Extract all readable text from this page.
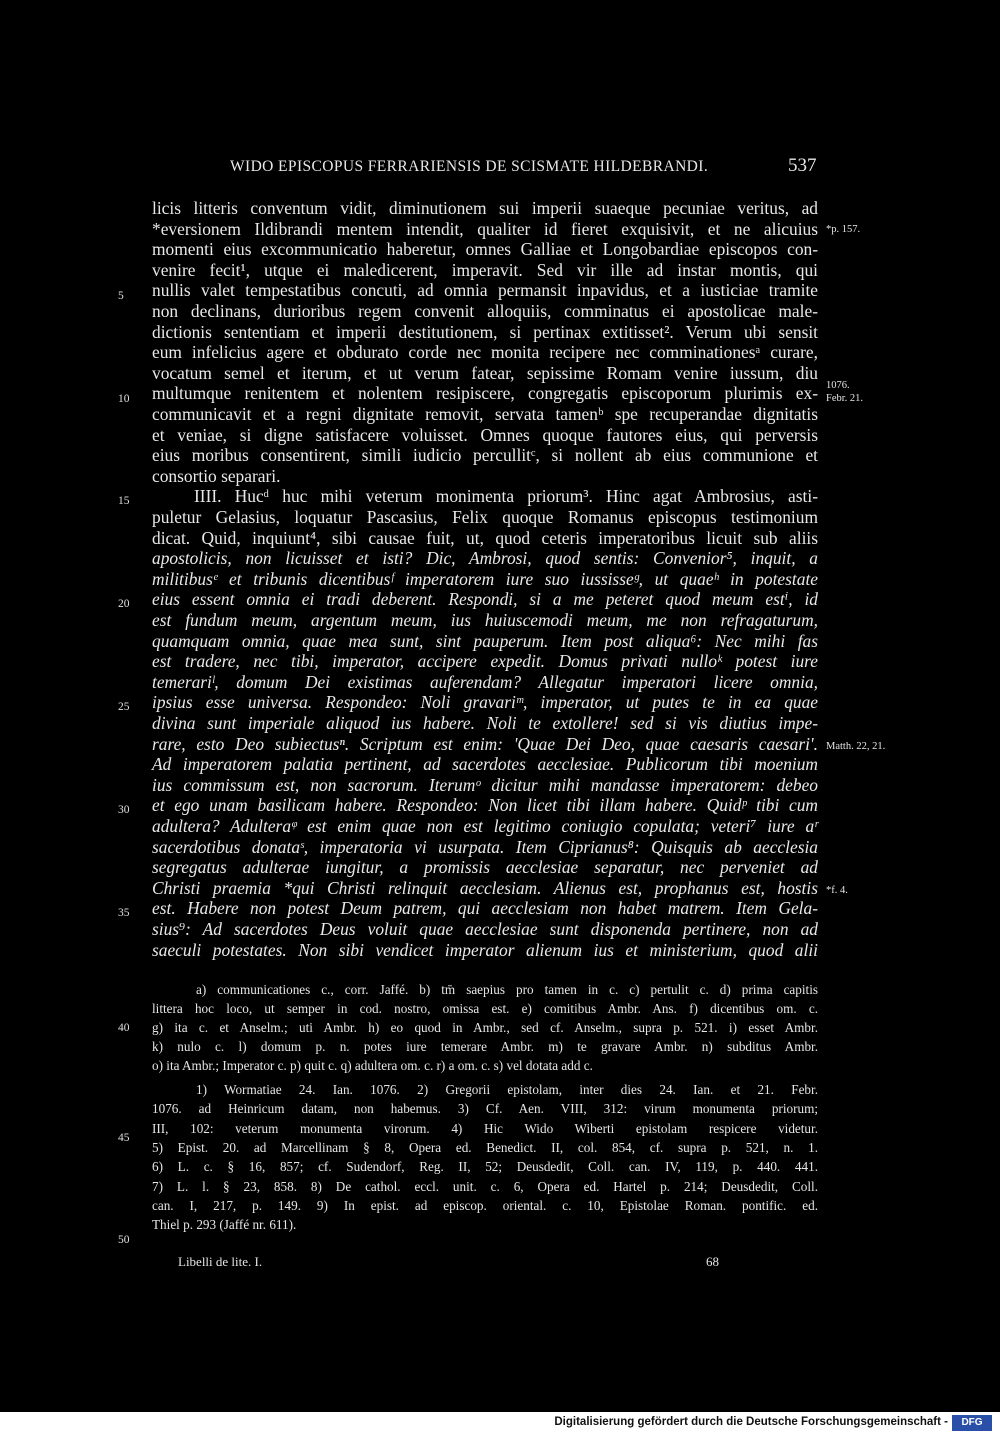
WIDO EPISCOPUS FERRARIENSIS DE SCISMATE HILDEBRANDI.	537
licis litteris conventum vidit, diminutionem sui imperii suaeque pecuniae veritus, ad
*eversionem Ildibrandi mentem intendit, qualiter id fieret exquisivit, et ne alicuius
momenti eius excommunicatio haberetur, omnes Galliae et Longobardiae episcopos con-
venire fecit¹, utque ei maledicerent, imperavit. Sed vir ille ad instar montis, qui
nullis valet tempestatibus concuti, ad omnia permansit inpavidus, et a iusticiae tramite
non declinans, durioribus regem convenit alloquiis, comminatus ei apostolicae male-
dictionis sententiam et imperii destitutionem, si pertinax extitisset². Verum ubi sensit
eum infelicius agere et obdurato corde nec monita recipere nec comminationesᵃ curare,
vocatum semel et iterum, et ut verum fatear, sepissime Romam venire iussum, diu
multumque renitentem et nolentem resipiscere, congregatis episcoporum plurimis ex-
communicavit et a regni dignitate removit, servata tamenᵇ spe recuperandae dignitatis
et veniae, si digne satisfacere voluisset. Omnes quoque fautores eius, qui perversis
eius moribus consentirent, simili iudicio percullitᶜ, si nollent ab eius communione et
consortio separari.
IIII. Hucᵈ huc mihi veterum monimenta priorum³. Hinc agat Ambrosius, asti-
puletur Gelasius, loquatur Pascasius, Felix quoque Romanus episcopus testimonium
dicat. Quid, inquiunt⁴, sibi causae fuit, ut, quod ceteris imperatoribus licuit sub aliis
apostolicis, non licuisset et isti? Dic, Ambrosi, quod sentis: Convenior⁵, inquit, a
militibusᵉ et tribunis dicentibusᶠ imperatorem iure suo iussisseᵍ, ut quaeʰ in potestate
eius essent omnia ei tradi deberent. Respondi, si a me peteret quod meum estⁱ, id
est fundum meum, argentum meum, ius huiuscemodi meum, me non refragaturum,
quamquam omnia, quae mea sunt, sint pauperum. Item post aliqua⁶: Nec mihi fas
est tradere, nec tibi, imperator, accipere expedit. Domus privati nulloᵏ potest iure
temerariˡ, domum Dei existimas auferendam? Allegatur imperatori licere omnia,
ipsius esse universa. Respondeo: Noli gravariᵐ, imperator, ut putes te in ea quae
divina sunt imperiale aliquod ius habere. Noli te extollere! sed si vis diutius impe-
rare, esto Deo subiectusⁿ. Scriptum est enim: 'Quae Dei Deo, quae caesaris caesari'.
Ad imperatorem palatia pertinent, ad sacerdotes aecclesiae. Publicorum tibi moenium
ius commissum est, non sacrorum. Iterumᵒ dicitur mihi mandasse imperatorem: debeo
et ego unam basilicam habere. Respondeo: Non licet tibi illam habere. Quidᵖ tibi cum
adultera? Adulteraᵠ est enim quae non est legitimo coniugio copulata; veteri⁷ iure aʳ
sacerdotibus donataˢ, imperatoria vi usurpata. Item Ciprianus⁸: Quisquis ab aecclesia
segregatus adulterae iungitur, a promissis aecclesiae separatur, nec perveniet ad
Christi praemia *qui Christi relinquit aecclesiam. Alienus est, prophanus est, hostis
est. Habere non potest Deum patrem, qui aecclesiam non habet matrem. Item Gela-
sius⁹: Ad sacerdotes Deus voluit quae aecclesiae sunt disponenda pertinere, non ad
saeculi potestates. Non sibi vendicet imperator alienum ius et ministerium, quod alii
5
10
15
20
25
30
35
40
45
50
*p. 157.
1076.
Febr. 21.
Matth. 22, 21.
*f. 4.
a) communicationes c., corr. Jaffé. b) tm̄ saepius pro tamen in c. c) pertulit c. d) prima capitis
littera hoc loco, ut semper in cod. nostro, omissa est. e) comitibus Ambr. Ans. f) dicentibus om. c.
g) ita c. et Anselm.; uti Ambr. h) eo quod in Ambr., sed cf. Anselm., supra p. 521. i) esset Ambr.
k) nulo c. l) domum p. n. potes iure temerare Ambr. m) te gravare Ambr. n) subditus Ambr.
o) ita Ambr.; Imperator c. p) quit c. q) adultera om. c. r) a om. c. s) vel dotata add c.
1) Wormatiae 24. Ian. 1076. 2) Gregorii epistolam, inter dies 24. Ian. et 21. Febr.
1076. ad Heinricum datam, non habemus. 3) Cf. Aen. VIII, 312: virum monumenta priorum;
III, 102: veterum monumenta virorum. 4) Hic Wido Wiberti epistolam respicere videtur.
5) Epist. 20. ad Marcellinam § 8, Opera ed. Benedict. II, col. 854, cf. supra p. 521, n. 1.
6) L. c. § 16, 857; cf. Sudendorf, Reg. II, 52; Deusdedit, Coll. can. IV, 119, p. 440. 441.
7) L. l. § 23, 858. 8) De cathol. eccl. unit. c. 6, Opera ed. Hartel p. 214; Deusdedit, Coll.
can. I, 217, p. 149. 9) In epist. ad episcop. oriental. c. 10, Epistolae Roman. pontific. ed.
Thiel p. 293 (Jaffé nr. 611).
Libelli de lite. I.	68
Digitalisierung gefördert durch die Deutsche Forschungsgemeinschaft -	DFG
